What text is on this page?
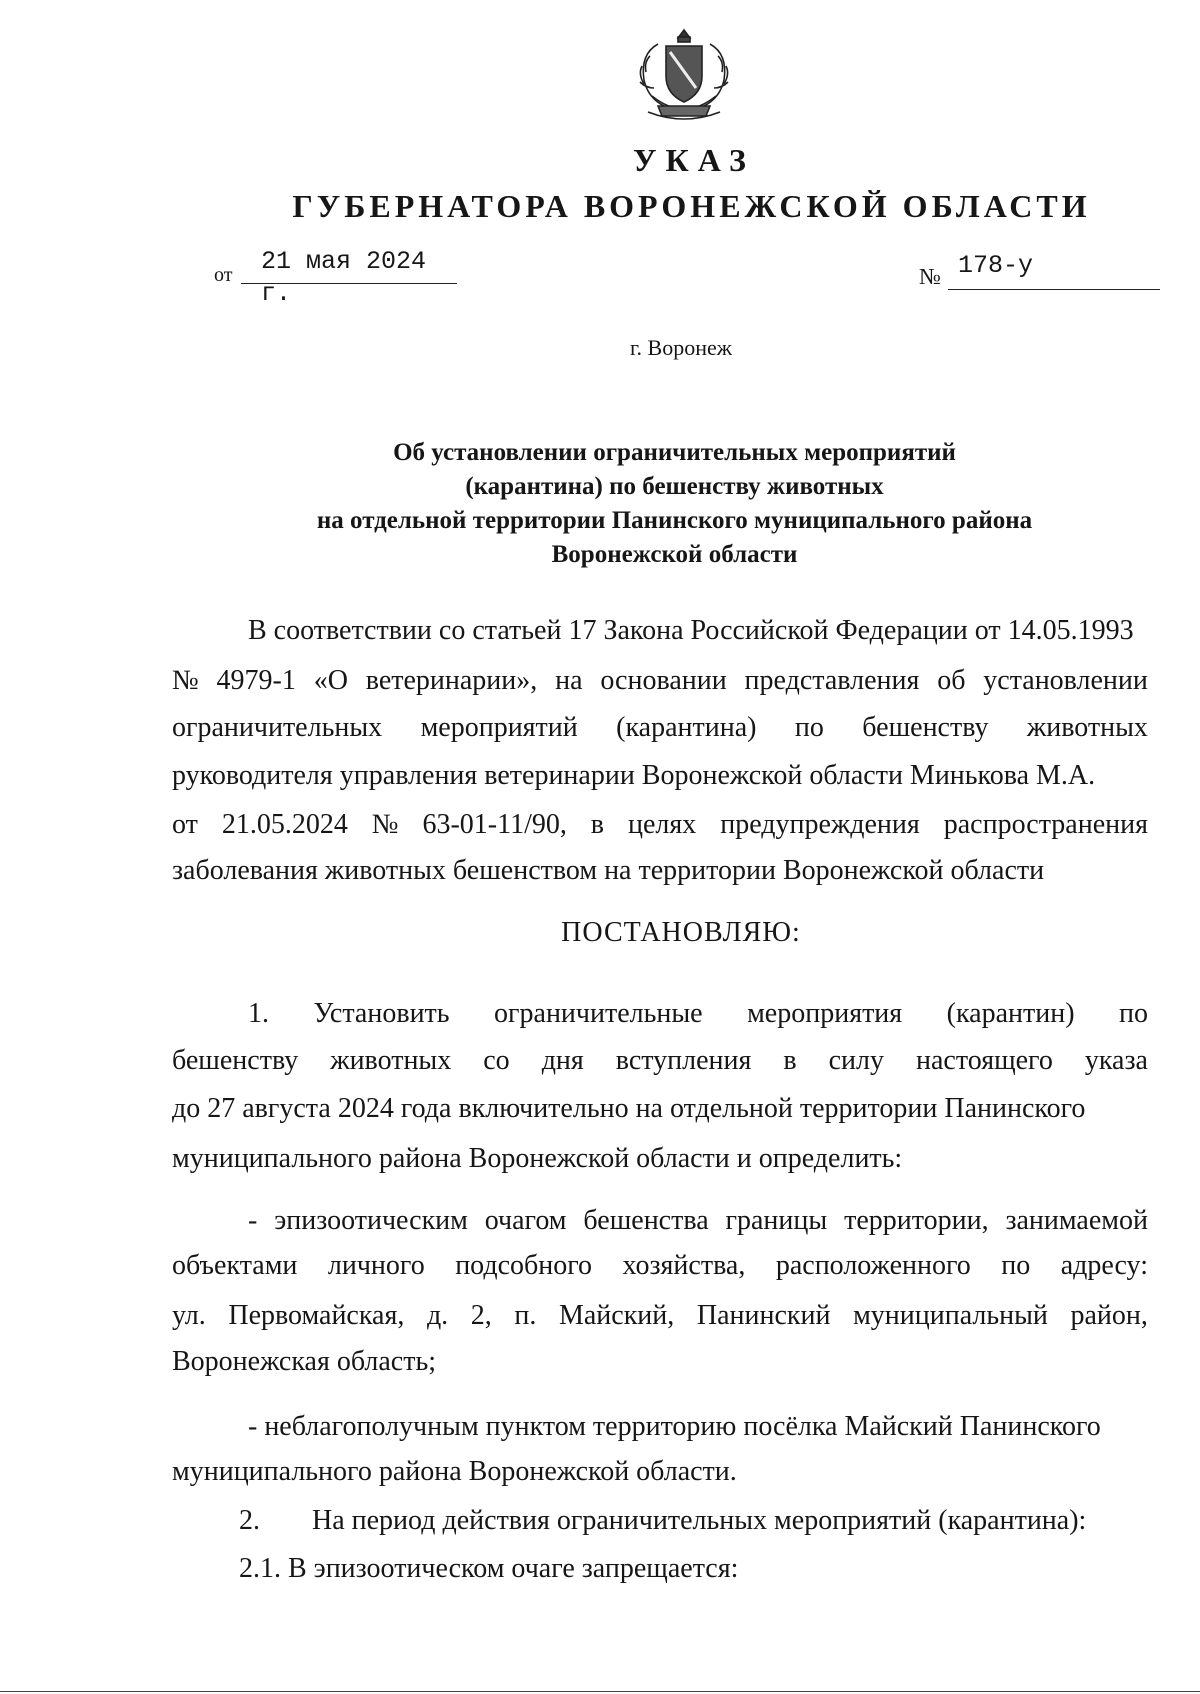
УКАЗ
ГУБЕРНАТОРА ВОРОНЕЖСКОЙ ОБЛАСТИ
от	21 мая 2024 г.
№ 178-у
г. Воронеж
Об установлении ограничительных мероприятий
(карантина) по бешенству животных
на отдельной территории Панинского муниципального района
Воронежской области
В соответствии со статьей 17 Закона Российской Федерации от 14.05.1993
№ 4979-1 «О ветеринарии», на основании представления об установлении
ограничительных мероприятий (карантина) по бешенству животных
руководителя управления ветеринарии Воронежской области Минькова М.А.
от 21.05.2024 № 63-01-11/90, в целях предупреждения распространения
заболевания животных бешенством на территории Воронежской области
1. Установить ограничительные мероприятия (карантин) по
бешенству животных со дня вступления в силу настоящего указа
до 27 августа 2024 года включительно на отдельной территории Панинского
муниципального района Воронежской области и определить:
- эпизоотическим очагом бешенства границы территории, занимаемой
объектами личного подсобного хозяйства, расположенного по адресу:
ул. Первомайская, д. 2, п. Майский, Панинский муниципальный район,
Воронежская область;
- неблагополучным пунктом территорию посёлка Майский Панинского
муниципального района Воронежской области.
2. На период действия ограничительных мероприятий (карантина):
2.1. В эпизоотическом очаге запрещается:
ПОСТАНОВЛЯЮ:
